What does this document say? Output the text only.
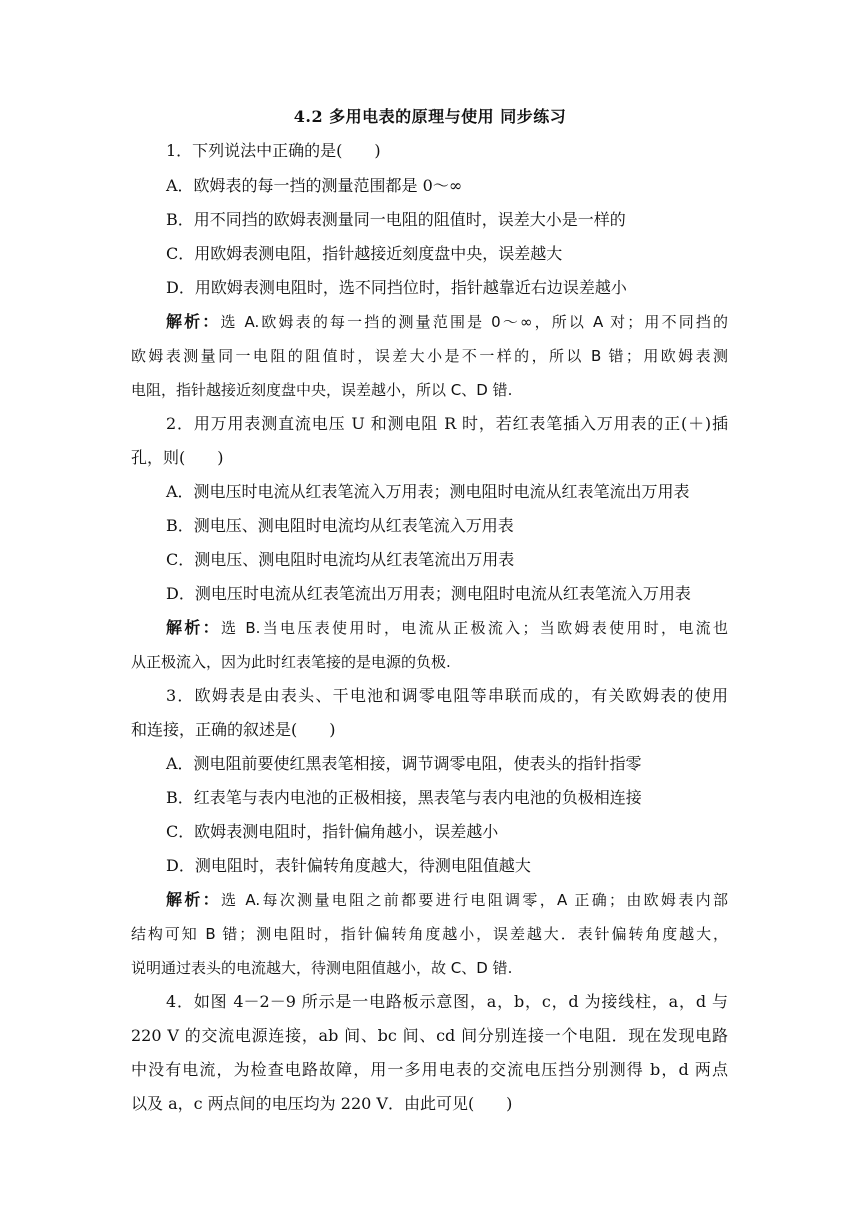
4.2 多用电表的原理与使用 同步练习
1．下列说法中正确的是(　　)
A．欧姆表的每一挡的测量范围都是 0～∞
B．用不同挡的欧姆表测量同一电阻的阻值时，误差大小是一样的
C．用欧姆表测电阻，指针越接近刻度盘中央，误差越大
D．用欧姆表测电阻时，选不同挡位时，指针越靠近右边误差越小
解析：选 A.欧姆表的每一挡的测量范围是 0～∞，所以 A 对；用不同挡的
欧姆表测量同一电阻的阻值时，误差大小是不一样的，所以 B 错；用欧姆表测
电阻，指针越接近刻度盘中央，误差越小，所以 C、D 错.
2．用万用表测直流电压 U 和测电阻 R 时，若红表笔插入万用表的正(＋)插
孔，则(　　)
A．测电压时电流从红表笔流入万用表；测电阻时电流从红表笔流出万用表
B．测电压、测电阻时电流均从红表笔流入万用表
C．测电压、测电阻时电流均从红表笔流出万用表
D．测电压时电流从红表笔流出万用表；测电阻时电流从红表笔流入万用表
解析：选 B.当电压表使用时，电流从正极流入；当欧姆表使用时，电流也
从正极流入，因为此时红表笔接的是电源的负极.
3．欧姆表是由表头、干电池和调零电阻等串联而成的，有关欧姆表的使用
和连接，正确的叙述是(　　)
A．测电阻前要使红黑表笔相接，调节调零电阻，使表头的指针指零
B．红表笔与表内电池的正极相接，黑表笔与表内电池的负极相连接
C．欧姆表测电阻时，指针偏角越小，误差越小
D．测电阻时，表针偏转角度越大，待测电阻值越大
解析：选 A.每次测量电阻之前都要进行电阻调零，A 正确；由欧姆表内部
结构可知 B 错；测电阻时，指针偏转角度越小，误差越大．表针偏转角度越大，
说明通过表头的电流越大，待测电阻值越小，故 C、D 错.
4．如图 4－2－9 所示是一电路板示意图，a，b，c，d 为接线柱，a，d 与
220 V 的交流电源连接，ab 间、bc 间、cd 间分别连接一个电阻．现在发现电路
中没有电流，为检查电路故障，用一多用电表的交流电压挡分别测得 b，d 两点
以及 a，c 两点间的电压均为 220 V．由此可见(　　)
